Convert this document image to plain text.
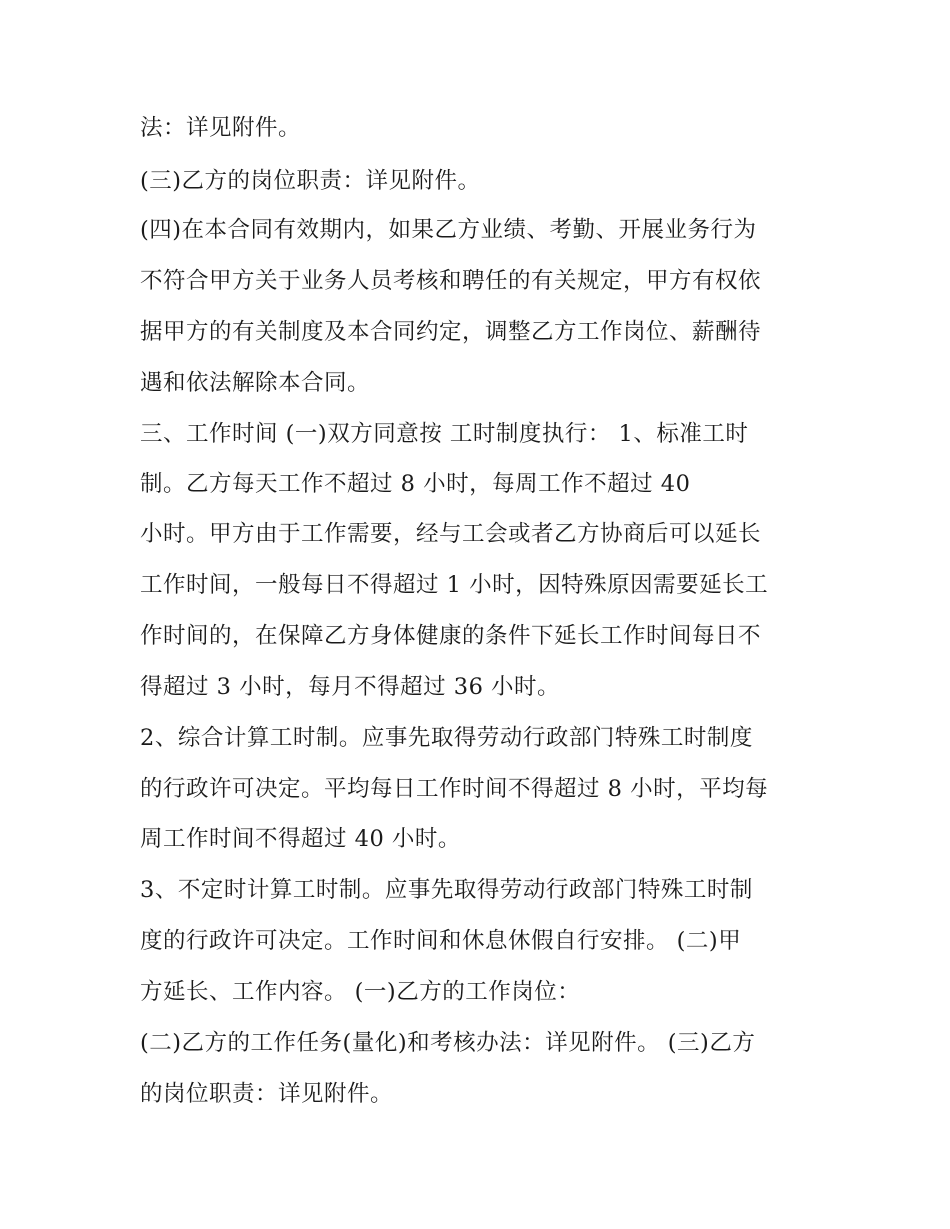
法：详见附件。
(三)乙方的岗位职责：详见附件。
(四)在本合同有效期内，如果乙方业绩、考勤、开展业务行为
不符合甲方关于业务人员考核和聘任的有关规定，甲方有权依
据甲方的有关制度及本合同约定，调整乙方工作岗位、薪酬待
遇和依法解除本合同。
三、工作时间 (一)双方同意按 工时制度执行： 1、标准工时
制。乙方每天工作不超过 8 小时，每周工作不超过 40
小时。甲方由于工作需要，经与工会或者乙方协商后可以延长
工作时间，一般每日不得超过 1 小时，因特殊原因需要延长工
作时间的，在保障乙方身体健康的条件下延长工作时间每日不
得超过 3 小时，每月不得超过 36 小时。
2、综合计算工时制。应事先取得劳动行政部门特殊工时制度
的行政许可决定。平均每日工作时间不得超过 8 小时，平均每
周工作时间不得超过 40 小时。
3、不定时计算工时制。应事先取得劳动行政部门特殊工时制
度的行政许可决定。工作时间和休息休假自行安排。 (二)甲
方延长、工作内容。 (一)乙方的工作岗位：
(二)乙方的工作任务(量化)和考核办法：详见附件。 (三)乙方
的岗位职责：详见附件。
